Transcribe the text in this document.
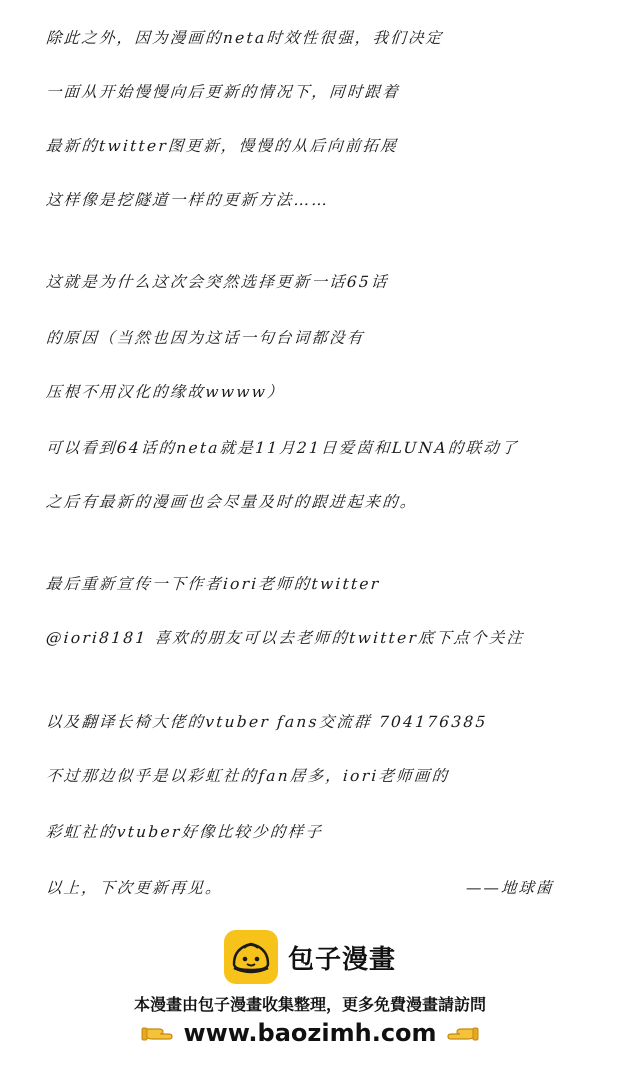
除此之外，因为漫画的neta时效性很强，我们决定
一面从开始慢慢向后更新的情况下，同时跟着
最新的twitter图更新，慢慢的从后向前拓展
这样像是挖隧道一样的更新方法……
这就是为什么这次会突然选择更新一话65话
的原因（当然也因为这话一句台词都没有
压根不用汉化的缘故wwww）
可以看到64话的neta就是11月21日爱茵和LUNA的联动了
之后有最新的漫画也会尽量及时的跟进起来的。
最后重新宣传一下作者iori老师的twitter
@iori8181 喜欢的朋友可以去老师的twitter底下点个关注
以及翻译长椅大佬的vtuber fans交流群 704176385
不过那边似乎是以彩虹社的fan居多，iori老师画的
彩虹社的vtuber好像比较少的样子
以上，下次更新再见。	——地球菌
包子漫畫
本漫畫由包子漫畫收集整理，更多免費漫畫請訪問
www.baozimh.com
